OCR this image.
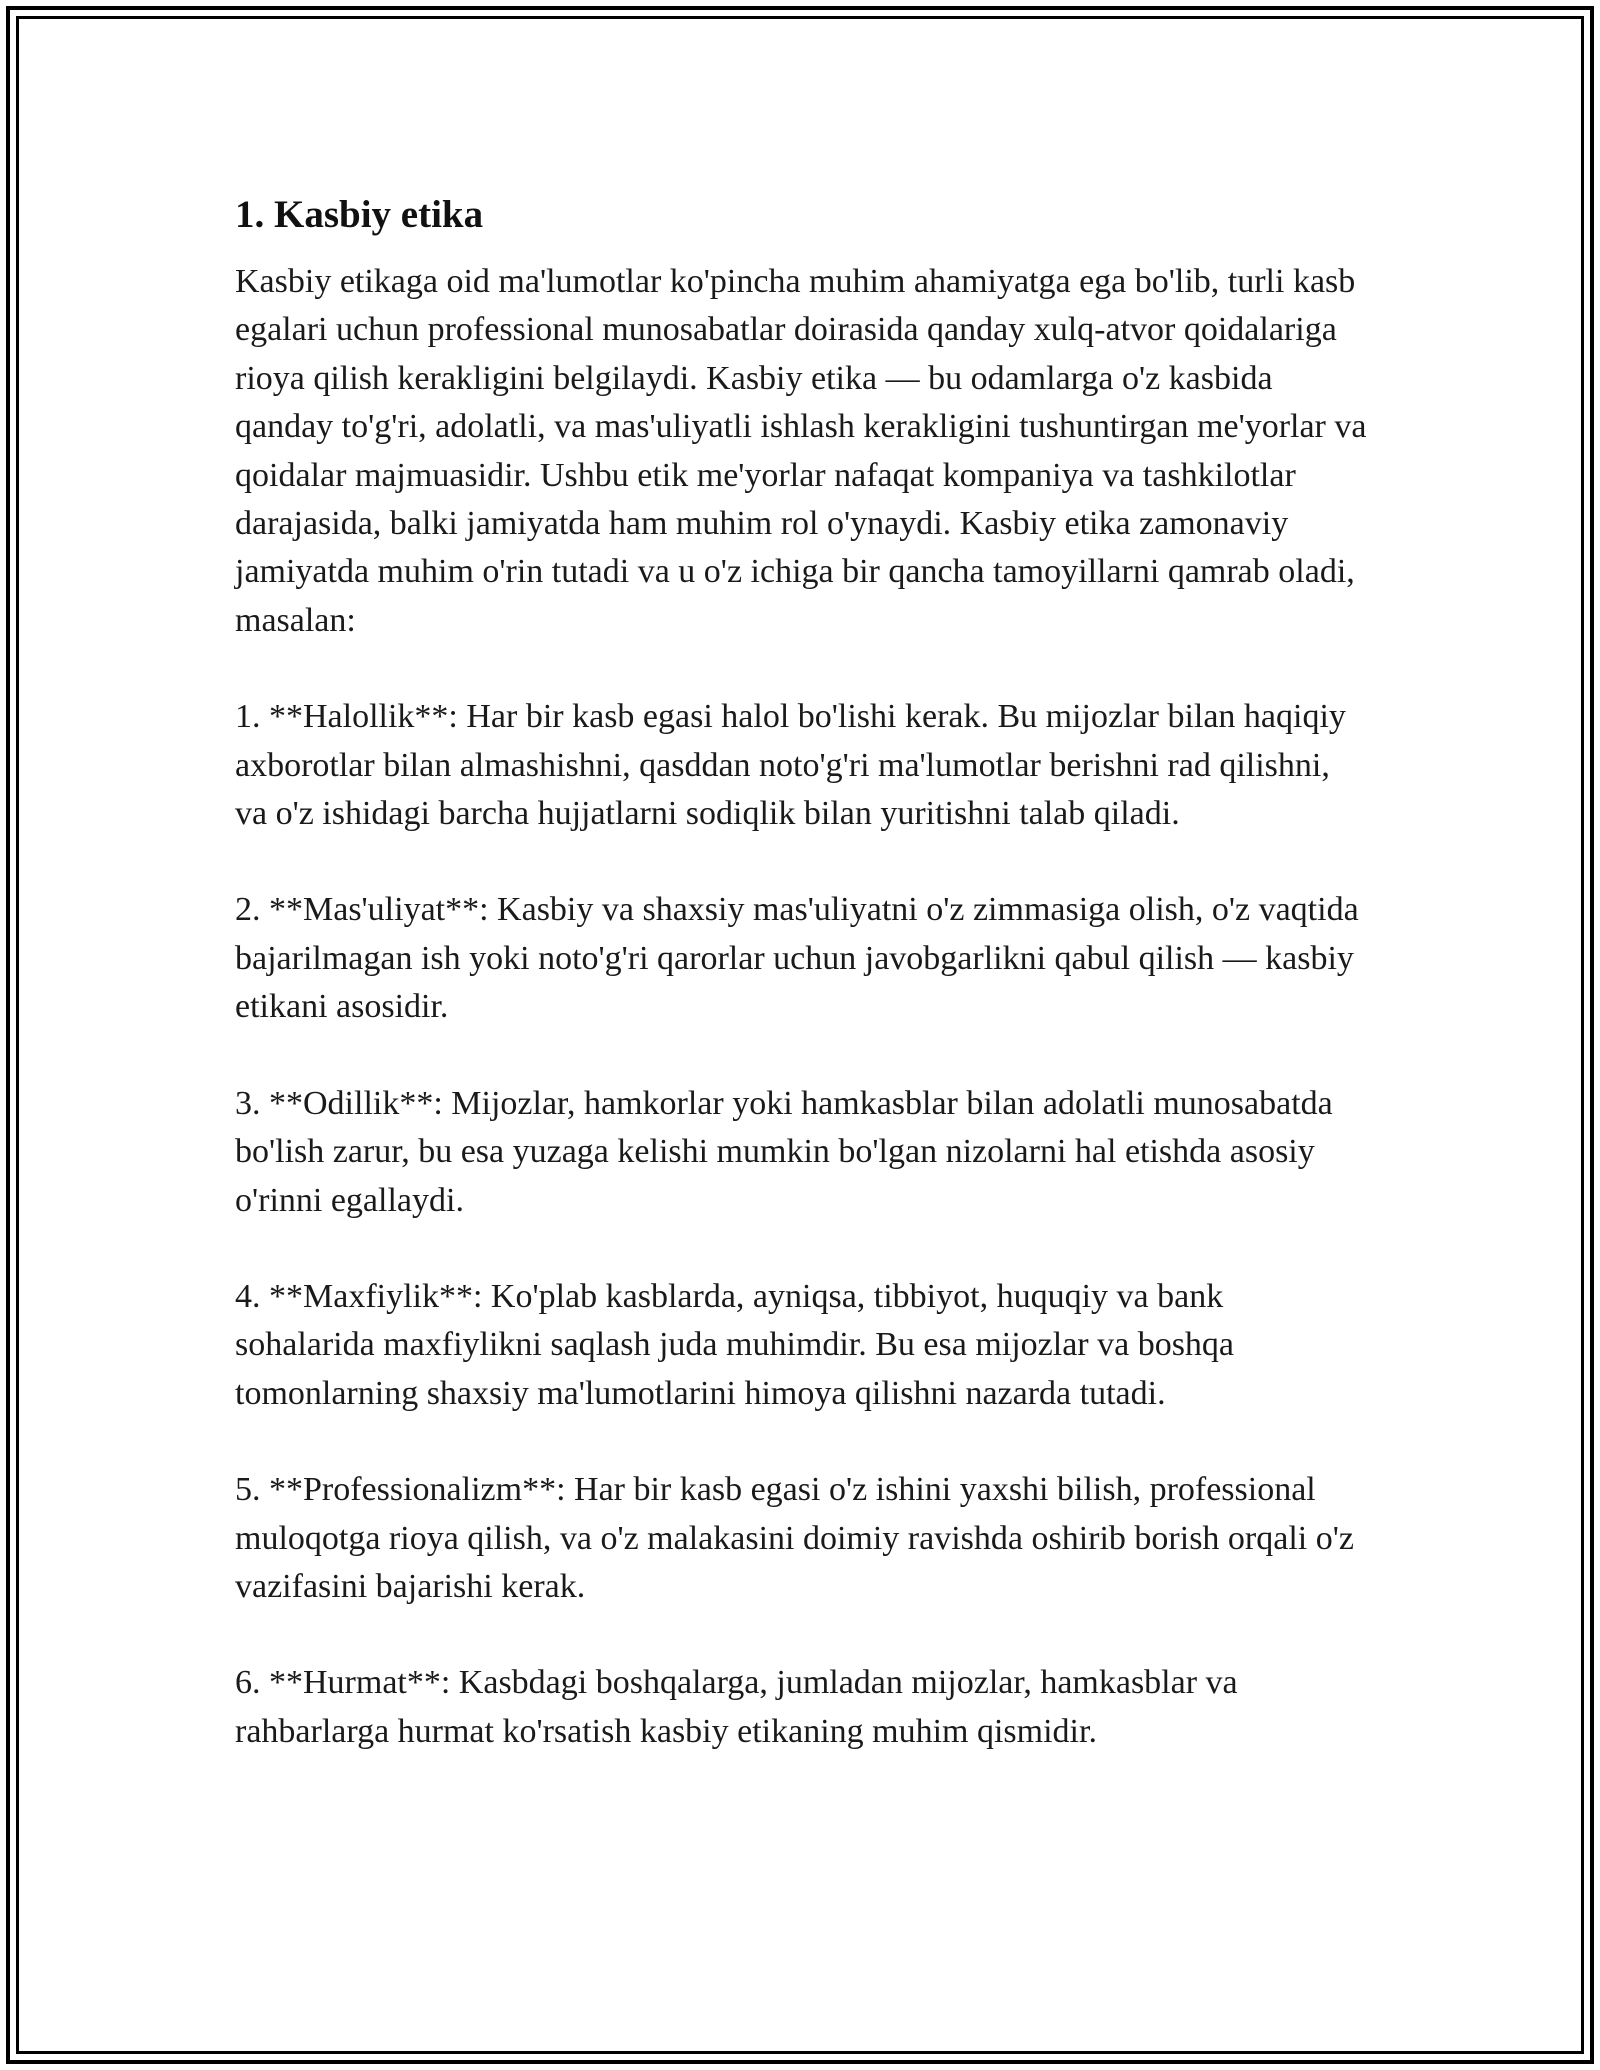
1. Kasbiy etika

Kasbiy etikaga oid ma'lumotlar ko'pincha muhim ahamiyatga ega bo'lib, turli kasb egalari uchun professional munosabatlar doirasida qanday xulq-atvor qoidalariga rioya qilish kerakligini belgilaydi. Kasbiy etika — bu odamlarga o'z kasbida qanday to'g'ri, adolatli, va mas'uliyatli ishlash kerakligini tushuntirgan me'yorlar va qoidalar majmuasidir. Ushbu etik me'yorlar nafaqat kompaniya va tashkilotlar darajasida, balki jamiyatda ham muhim rol o'ynaydi. Kasbiy etika zamonaviy jamiyatda muhim o'rin tutadi va u o'z ichiga bir qancha tamoyillarni qamrab oladi, masalan:

1. **Halollik**: Har bir kasb egasi halol bo'lishi kerak. Bu mijozlar bilan haqiqiy axborotlar bilan almashishni, qasddan noto'g'ri ma'lumotlar berishni rad qilishni, va o'z ishidagi barcha hujjatlarni sodiqlik bilan yuritishni talab qiladi.

2. **Mas'uliyat**: Kasbiy va shaxsiy mas'uliyatni o'z zimmasiga olish, o'z vaqtida bajarilmagan ish yoki noto'g'ri qarorlar uchun javobgarlikni qabul qilish — kasbiy etikani asosidir.

3. **Odillik**: Mijozlar, hamkorlar yoki hamkasblar bilan adolatli munosabatda bo'lish zarur, bu esa yuzaga kelishi mumkin bo'lgan nizolarni hal etishda asosiy o'rinni egallaydi.

4. **Maxfiylik**: Ko'plab kasblarda, ayniqsa, tibbiyot, huquqiy va bank sohalarida maxfiylikni saqlash juda muhimdir. Bu esa mijozlar va boshqa tomonlarning shaxsiy ma'lumotlarini himoya qilishni nazarda tutadi.

5. **Professionalizm**: Har bir kasb egasi o'z ishini yaxshi bilish, professional muloqotga rioya qilish, va o'z malakasini doimiy ravishda oshirib borish orqali o'z vazifasini bajarishi kerak.

6. **Hurmat**: Kasbdagi boshqalarga, jumladan mijozlar, hamkasblar va rahbarlarga hurmat ko'rsatish kasbiy etikaning muhim qismidir.
